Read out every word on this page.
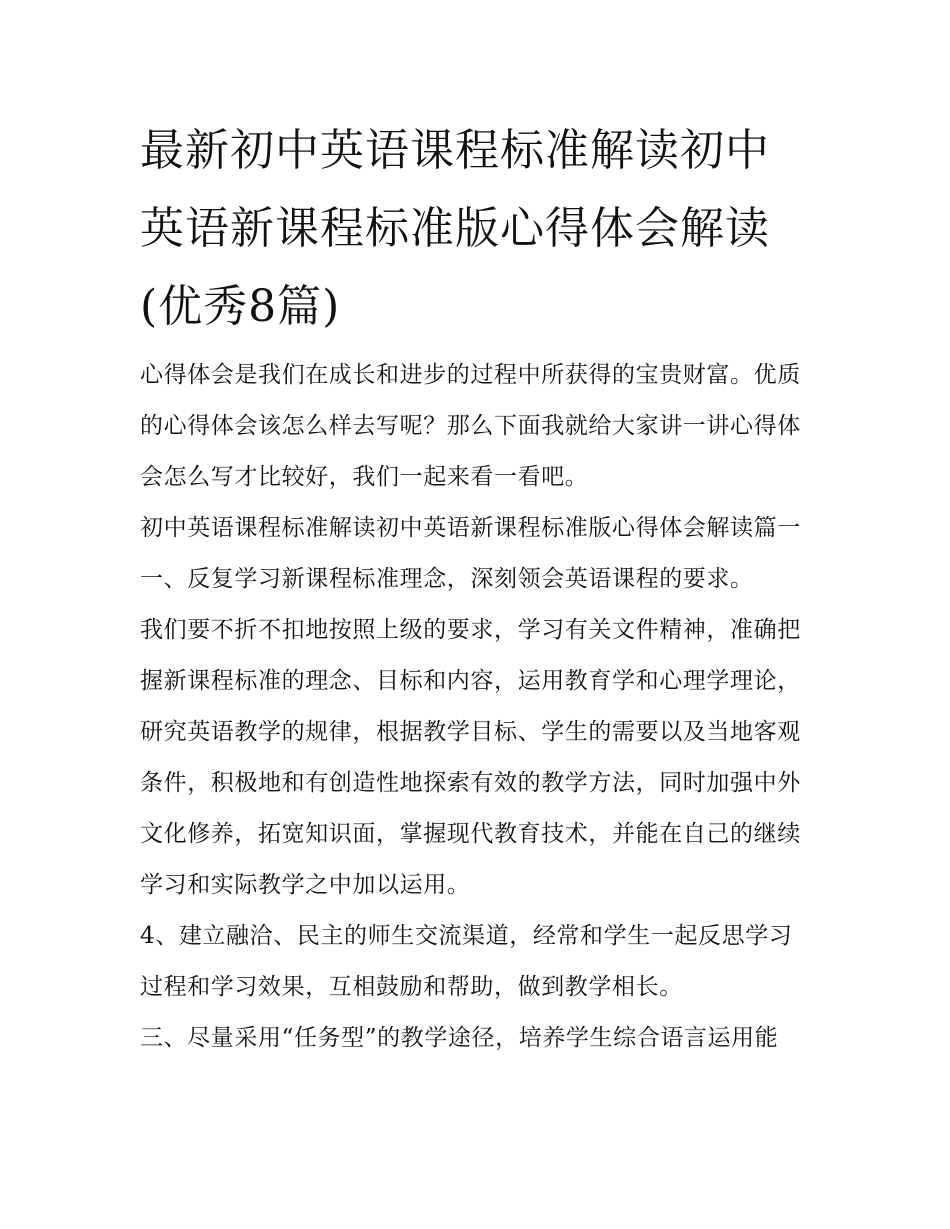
最新初中英语课程标准解读初中英语新课程标准版心得体会解读(优秀8篇)

心得体会是我们在成长和进步的过程中所获得的宝贵财富。优质的心得体会该怎么样去写呢？那么下面我就给大家讲一讲心得体会怎么写才比较好，我们一起来看一看吧。

初中英语课程标准解读初中英语新课程标准版心得体会解读篇一 一、反复学习新课程标准理念，深刻领会英语课程的要求。

我们要不折不扣地按照上级的要求，学习有关文件精神，准确把握新课程标准的理念、目标和内容，运用教育学和心理学理论，研究英语教学的规律，根据教学目标、学生的需要以及当地客观条件，积极地和有创造性地探索有效的教学方法，同时加强中外文化修养，拓宽知识面，掌握现代教育技术，并能在自己的继续学习和实际教学之中加以运用。

4、建立融洽、民主的师生交流渠道，经常和学生一起反思学习过程和学习效果，互相鼓励和帮助，做到教学相长。

三、尽量采用“任务型”的教学途径，培养学生综合语言运用能
